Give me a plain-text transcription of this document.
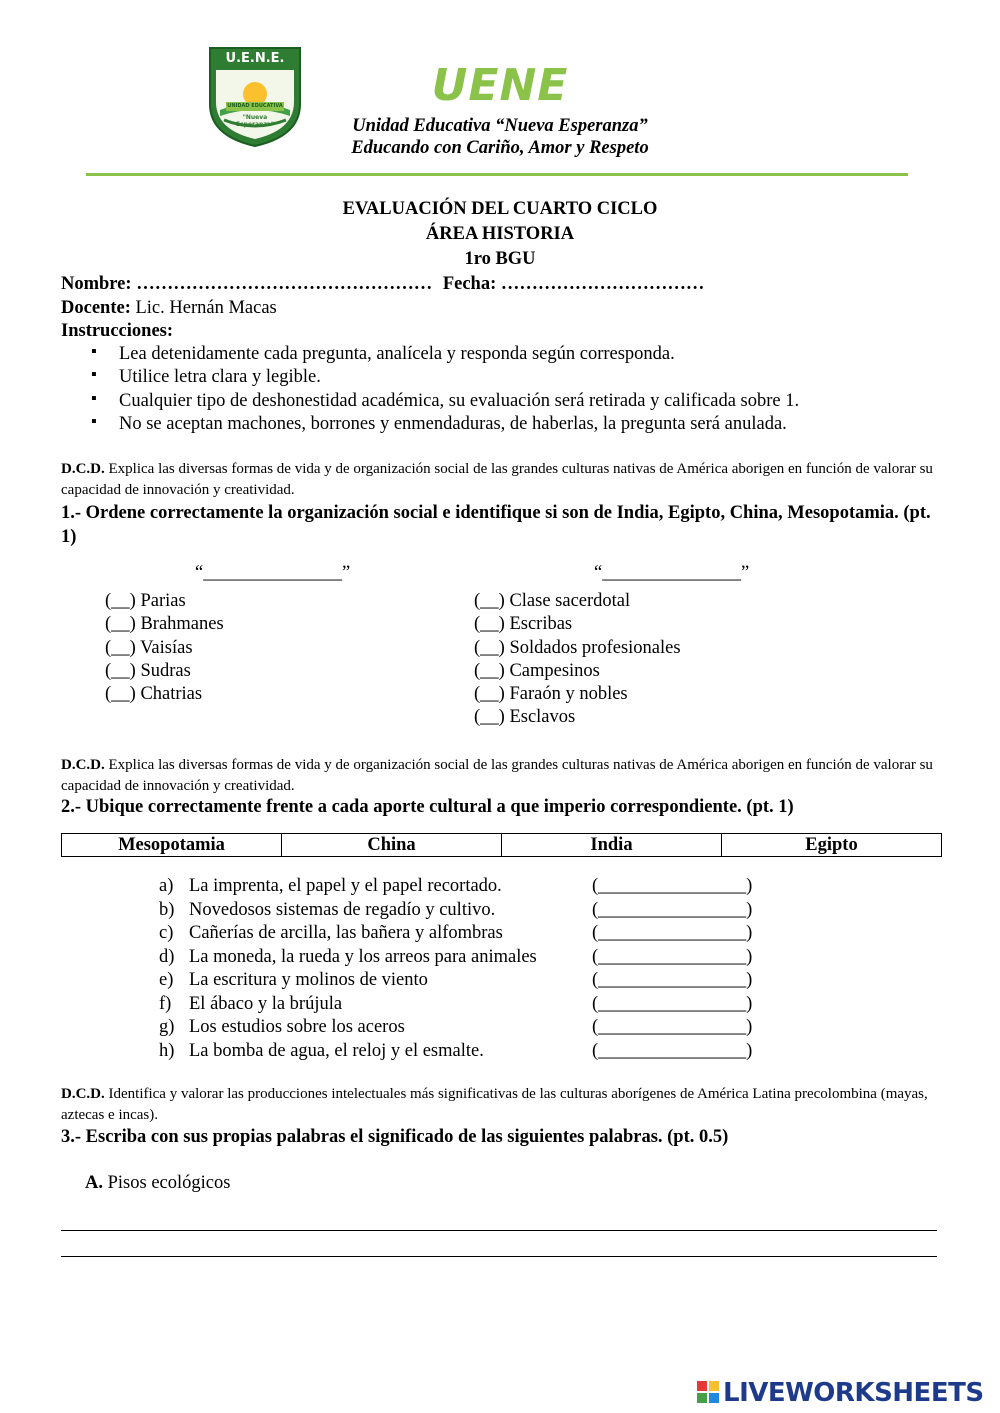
U.E.N.E.
UNIDAD EDUCATIVA
"Nueva Esperanza"
UENE
Unidad Educativa “Nueva Esperanza”
Educando con Cariño, Amor y Respeto
EVALUACIÓN DEL CUARTO CICLO
ÁREA HISTORIA
1ro BGU
Nombre: ………………………………………… Fecha: ……………………………
Docente: Lic. Hernán Macas
Instrucciones:
▪ Lea detenidamente cada pregunta, analícela y responda según corresponda.
▪ Utilice letra clara y legible.
▪ Cualquier tipo de deshonestidad académica, su evaluación será retirada y calificada sobre 1.
▪ No se aceptan machones, borrones y enmendaduras, de haberlas, la pregunta será anulada.
D.C.D. Explica las diversas formas de vida y de organización social de las grandes culturas nativas de América aborigen en función de valorar su capacidad de innovación y creatividad.
1.- Ordene correctamente la organización social e identifique si son de India, Egipto, China, Mesopotamia. (pt. 1)
“_______________”	“_______________”
(__) Parias
(__) Brahmanes
(__) Vaisías
(__) Sudras
(__) Chatrias
(__) Clase sacerdotal
(__) Escribas
(__) Soldados profesionales
(__) Campesinos
(__) Faraón y nobles
(__) Esclavos
D.C.D. Explica las diversas formas de vida y de organización social de las grandes culturas nativas de América aborigen en función de valorar su capacidad de innovación y creatividad.
2.- Ubique correctamente frente a cada aporte cultural a que imperio correspondiente. (pt. 1)
Mesopotamia	China	India	Egipto
a) La imprenta, el papel y el papel recortado.	(________________)
b) Novedosos sistemas de regadío y cultivo.	(________________)
c) Cañerías de arcilla, las bañera y alfombras	(________________)
d) La moneda, la rueda y los arreos para animales	(________________)
e) La escritura y molinos de viento	(________________)
f) El ábaco y la brújula	(________________)
g) Los estudios sobre los aceros	(________________)
h) La bomba de agua, el reloj y el esmalte.	(________________)
D.C.D. Identifica y valorar las producciones intelectuales más significativas de las culturas aborígenes de América Latina precolombina (mayas, aztecas e incas).
3.- Escriba con sus propias palabras el significado de las siguientes palabras. (pt. 0.5)
A. Pisos ecológicos
LIVEWORKSHEETS
